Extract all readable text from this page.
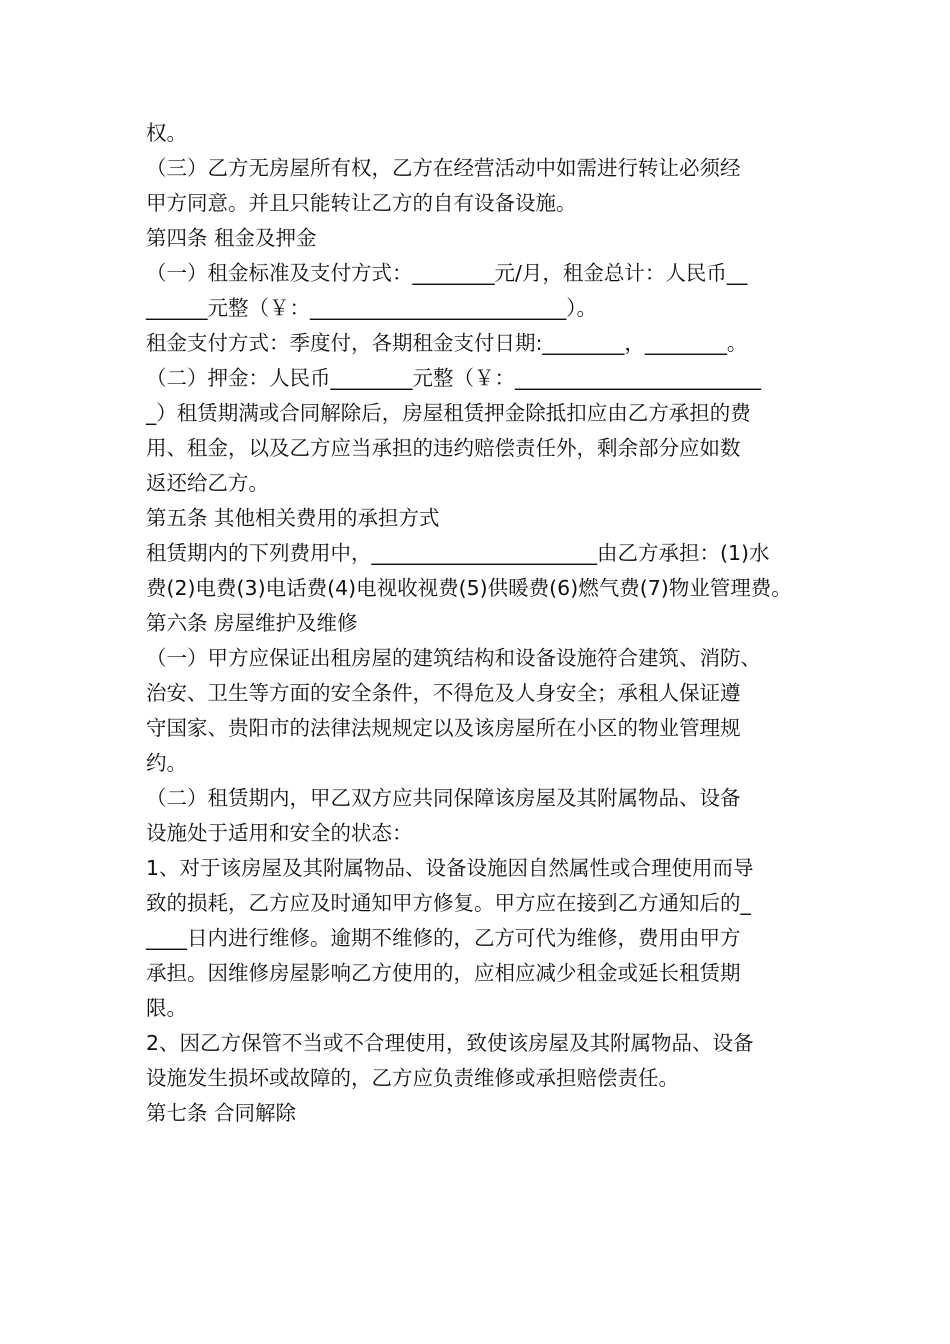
权。
（三）乙方无房屋所有权，乙方在经营活动中如需进行转让必须经
甲方同意。并且只能转让乙方的自有设备设施。
第四条 租金及押金
（一）租金标准及支付方式：________元/月，租金总计：人民币__
______元整（￥：_________________________）。
租金支付方式：季度付，各期租金支付日期:________，________。
（二）押金：人民币________元整（￥：________________________
_）租赁期满或合同解除后，房屋租赁押金除抵扣应由乙方承担的费
用、租金，以及乙方应当承担的违约赔偿责任外，剩余部分应如数
返还给乙方。
第五条 其他相关费用的承担方式
租赁期内的下列费用中，______________________由乙方承担：(1)水
费(2)电费(3)电话费(4)电视收视费(5)供暖费(6)燃气费(7)物业管理费。
第六条 房屋维护及维修
（一）甲方应保证出租房屋的建筑结构和设备设施符合建筑、消防、
治安、卫生等方面的安全条件，不得危及人身安全；承租人保证遵
守国家、贵阳市的法律法规规定以及该房屋所在小区的物业管理规
约。
（二）租赁期内，甲乙双方应共同保障该房屋及其附属物品、设备
设施处于适用和安全的状态：
1、对于该房屋及其附属物品、设备设施因自然属性或合理使用而导
致的损耗，乙方应及时通知甲方修复。甲方应在接到乙方通知后的_
____日内进行维修。逾期不维修的，乙方可代为维修，费用由甲方
承担。因维修房屋影响乙方使用的，应相应减少租金或延长租赁期
限。
2、因乙方保管不当或不合理使用，致使该房屋及其附属物品、设备
设施发生损坏或故障的，乙方应负责维修或承担赔偿责任。
第七条 合同解除
